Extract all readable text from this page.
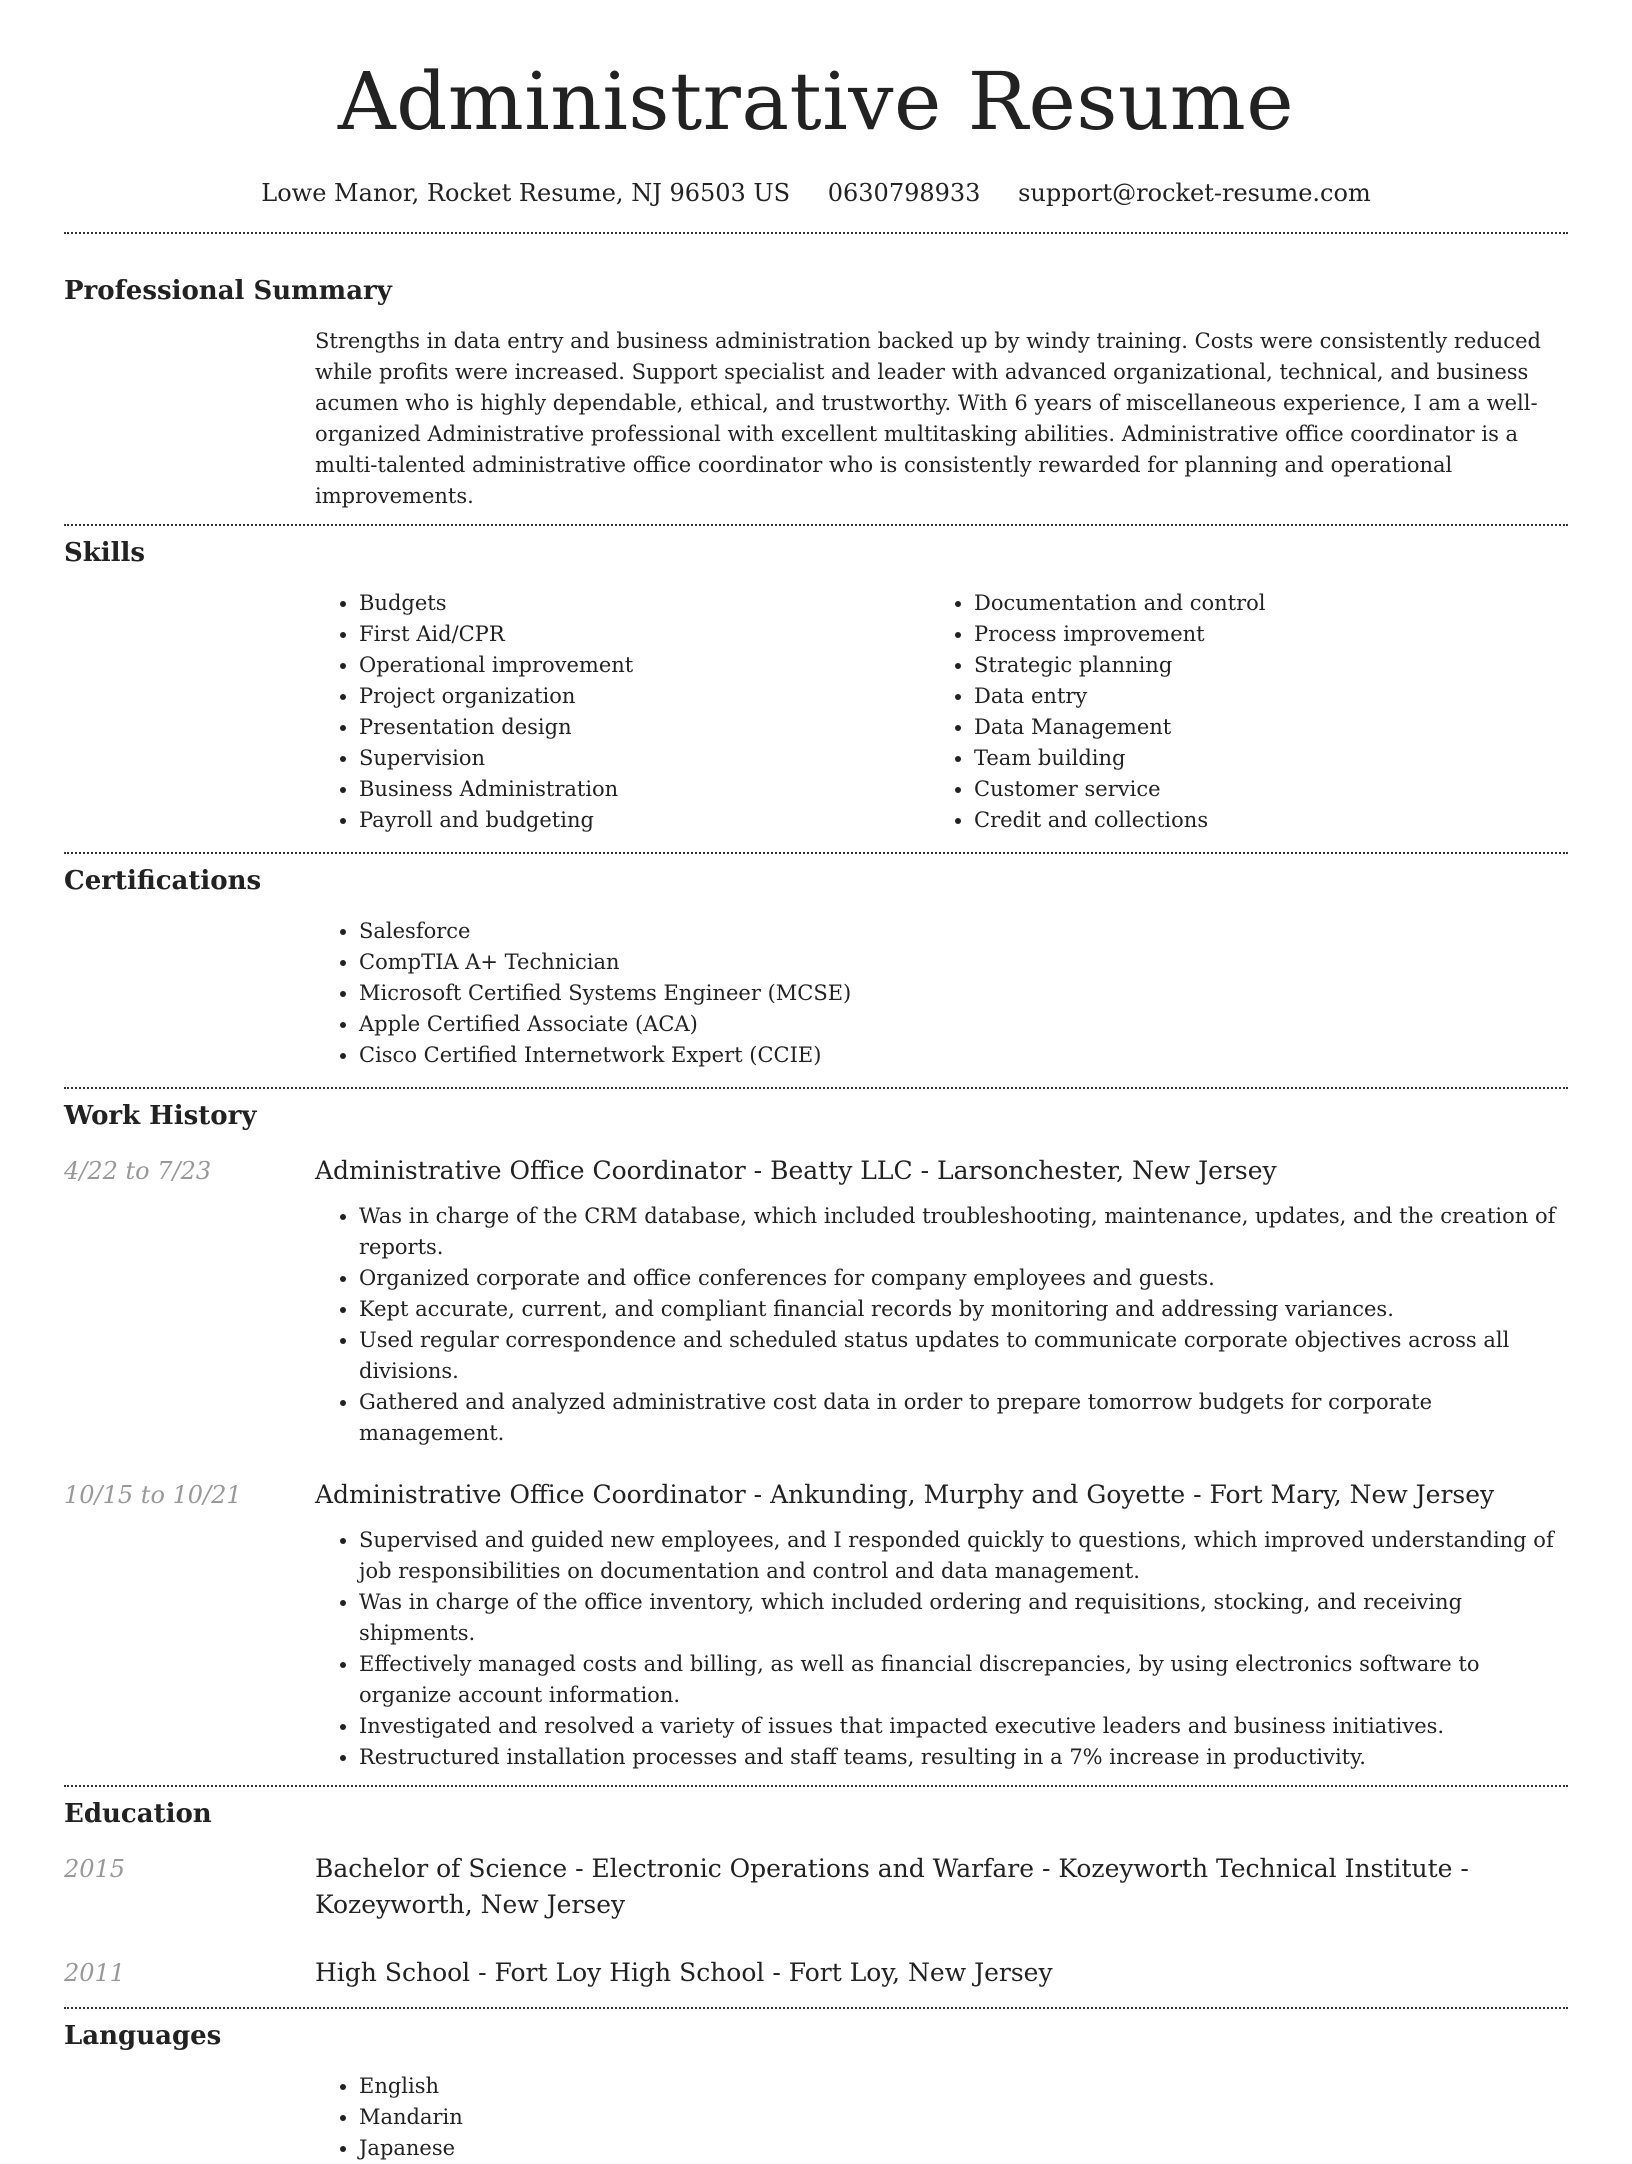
Administrative Resume
Lowe Manor, Rocket Resume, NJ 96503 US 0630798933 support@rocket-resume.com
Professional Summary

Strengths in data entry and business administration backed up by windy training. Costs were consistently reduced while profits were increased. Support specialist and leader with advanced organizational, technical, and business acumen who is highly dependable, ethical, and trustworthy. With 6 years of miscellaneous experience, I am a well-organized Administrative professional with excellent multitasking abilities. Administrative office coordinator is a multi-talented administrative office coordinator who is consistently rewarded for planning and operational improvements.

Skills
• Budgets
• First Aid/CPR
• Operational improvement
• Project organization
• Presentation design
• Supervision
• Business Administration
• Payroll and budgeting
• Documentation and control
• Process improvement
• Strategic planning
• Data entry
• Data Management
• Team building
• Customer service
• Credit and collections
Certifications
• Salesforce
• CompTIA A+ Technician
• Microsoft Certified Systems Engineer (MCSE)
• Apple Certified Associate (ACA)
• Cisco Certified Internetwork Expert (CCIE)
Work History
4/22 to 7/23	Administrative Office Coordinator - Beatty LLC - Larsonchester, New Jersey
• Was in charge of the CRM database, which included troubleshooting, maintenance, updates, and the creation of reports.
• Organized corporate and office conferences for company employees and guests.
• Kept accurate, current, and compliant financial records by monitoring and addressing variances.
• Used regular correspondence and scheduled status updates to communicate corporate objectives across all divisions.
• Gathered and analyzed administrative cost data in order to prepare tomorrow budgets for corporate management.
10/15 to 10/21	Administrative Office Coordinator - Ankunding, Murphy and Goyette - Fort Mary, New Jersey
• Supervised and guided new employees, and I responded quickly to questions, which improved understanding of job responsibilities on documentation and control and data management.
• Was in charge of the office inventory, which included ordering and requisitions, stocking, and receiving shipments.
• Effectively managed costs and billing, as well as financial discrepancies, by using electronics software to organize account information.
• Investigated and resolved a variety of issues that impacted executive leaders and business initiatives.
• Restructured installation processes and staff teams, resulting in a 7% increase in productivity.
Education
2015	Bachelor of Science - Electronic Operations and Warfare - Kozeyworth Technical Institute - Kozeyworth, New Jersey
2011	High School - Fort Loy High School - Fort Loy, New Jersey
Languages
• English
• Mandarin
• Japanese
